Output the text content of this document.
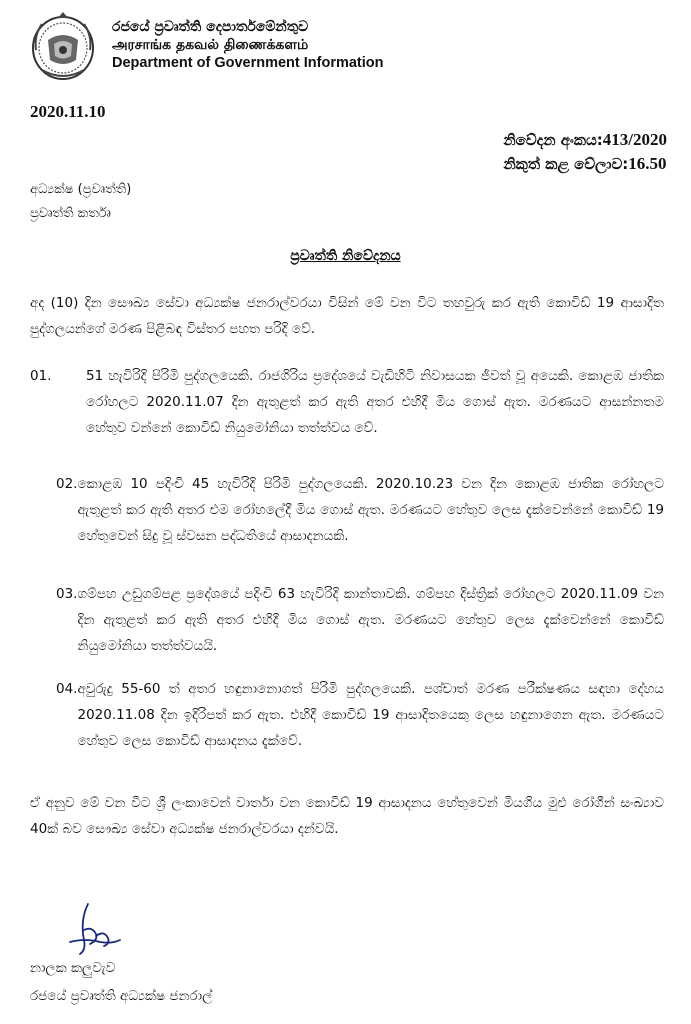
රජයේ ප්‍රවෘත්ති දෙපාර්තමේන්තුව
அரசாங்க தகவல் திணைக்களம்
Department of Government Information
2020.11.10
නිවේදන අංකය:413/2020
නිකුත් කළ වේලාව:16.50
අධ්‍යක්ෂ (ප්‍රවෘත්ති)
ප්‍රවෘත්ති කර්තෘ
ප්‍රවෘත්ති නිවේදනය
අද (10) දින සෞඛ්‍ය සේවා අධ්‍යක්ෂ ජනරාල්වරයා විසින් මේ වන විට තහවුරු කර ඇති කොවිඩ් 19 ආසාදිත පුද්ගලයන්ගේ මරණ පිළිබඳ විස්තර පහත පරිදි වේ.
01.	51 හැවිරිදි පිරිමි පුද්ගලයෙකි. රාජගිරිය ප්‍රදේශයේ වැඩිහිටි නිවාසයක ජීවත් වූ අයෙකි. කොළඹ ජාතික රෝහලට 2020.11.07 දින ඇතුළත් කර ඇති අතර එහිදී මිය ගොස් ඇත. මරණයට ආසන්නතම හේතුව වන්නේ කොවිඩ් නියුමෝනියා තත්ත්වය වේ.
02. කොළඹ 10 පදිංචි 45 හැවිරිදි පිරිමි පුද්ගලයෙකි. 2020.10.23 වන දින කොළඹ ජාතික රෝහලට ඇතුළත් කර ඇති අතර එම රෝහලේදී මිය ගොස් ඇත. මරණයට හේතුව ලෙස දැක්වෙන්නේ කොවිඩ් 19 හේතුවෙන් සිදු වූ ස්වසන පද්ධතියේ ආසාදනයකි.
03. ගම්පහ උඩුගම්පළ ප්‍රදේශයේ පදිංචි 63 හැවිරිදි කාන්තාවකි. ගම්පහ දිස්ත්‍රික් රෝහලට 2020.11.09 වන දින ඇතුළත් කර ඇති අතර එහිදී මිය ගොස් ඇත. මරණයට හේතුව ලෙස දැක්වෙන්නේ කොවිඩ් නියුමෝනියා තත්ත්වයයි.
04. අවුරුදු 55-60 ත් අතර හඳුනානොගත් පිරිමි පුද්ගලයෙකි. පශ්චාත් මරණ පරීක්ෂණය සඳහා දේහය 2020.11.08 දින ඉදිරිපත් කර ඇත. එහිදී කොවිඩ් 19 ආසාදිතයෙකු ලෙස හඳුනාගෙන ඇත. මරණයට හේතුව ලෙස කොවිඩ් ආසාදනය දැක්වේ.
ඒ අනුව මේ වන විට ශ්‍රී ලංකාවෙන් වාර්තා වන කොවිඩ් 19 ආසාදනය හේතුවෙන් මියගිය මුළු රෝගීන් සංඛ්‍යාව 40ක් බව සෞඛ්‍ය සේවා අධ්‍යක්ෂ ජනරාල්වරයා දන්වයි.
නාලක කලුවැව
රජයේ ප්‍රවෘත්ති අධ්‍යක්ෂ ජනරාල්
